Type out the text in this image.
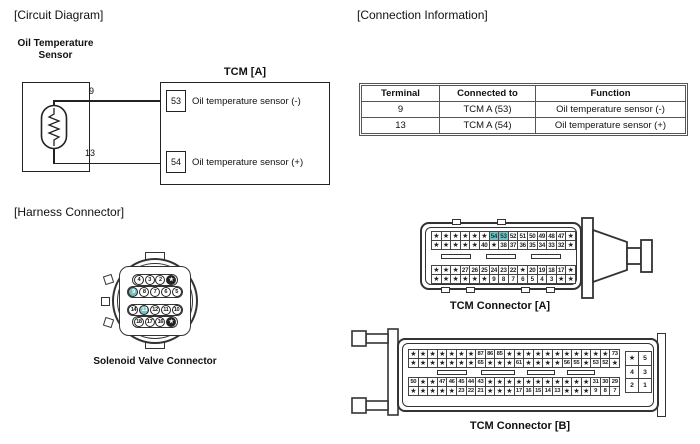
[Circuit Diagram]
Oil Temperature Sensor
9
13
TCM [A]
53	Oil temperature sensor (-)
54	Oil temperature sensor (+)
[Connection Information]
Terminal	Connected to	Function
9	TCM A (53)	Oil temperature sensor (-)
13	TCM A (54)	Oil temperature sensor (+)
[Harness Connector]
4	3	2	★
9	8	7	6	5
14 13 12 11 10
18 17 16	★
Solenoid Valve Connector
★ ★ ★ ★ ★ ★ 54 53 52 51 50 49 48 47 ★
★ ★ ★ ★ ★ 40 ★ 38 37 36 35 34 33 32 ★
★ ★ ★ 27 26 25 24 23 22 ★ 20 19 18 17 ★
★ ★ ★ ★ ★ ★ 9	8	7	6	5	4	3 ★ ★
TCM Connector [A]
★ ★ ★ ★ ★ ★ ★ 87 86 85 ★ ★ ★ ★ ★ ★ ★ ★ ★ ★ ★ 73
★ ★ ★ ★ ★ ★ ★ 65 ★ ★ ★ 61 ★ ★ ★ ★ 56 55 ★ 53 52 ★
50 ★ ★ 47 46 45 44 43 ★ ★ ★ ★ ★ ★ ★ ★ ★ ★ ★ 31 30 29
★ ★ ★ ★ ★ 23 22 21 ★ ★ ★ 17 16 15 14 13 ★ ★ ★ 9	8	7
★	5
4	3
2	1
TCM Connector [B]
